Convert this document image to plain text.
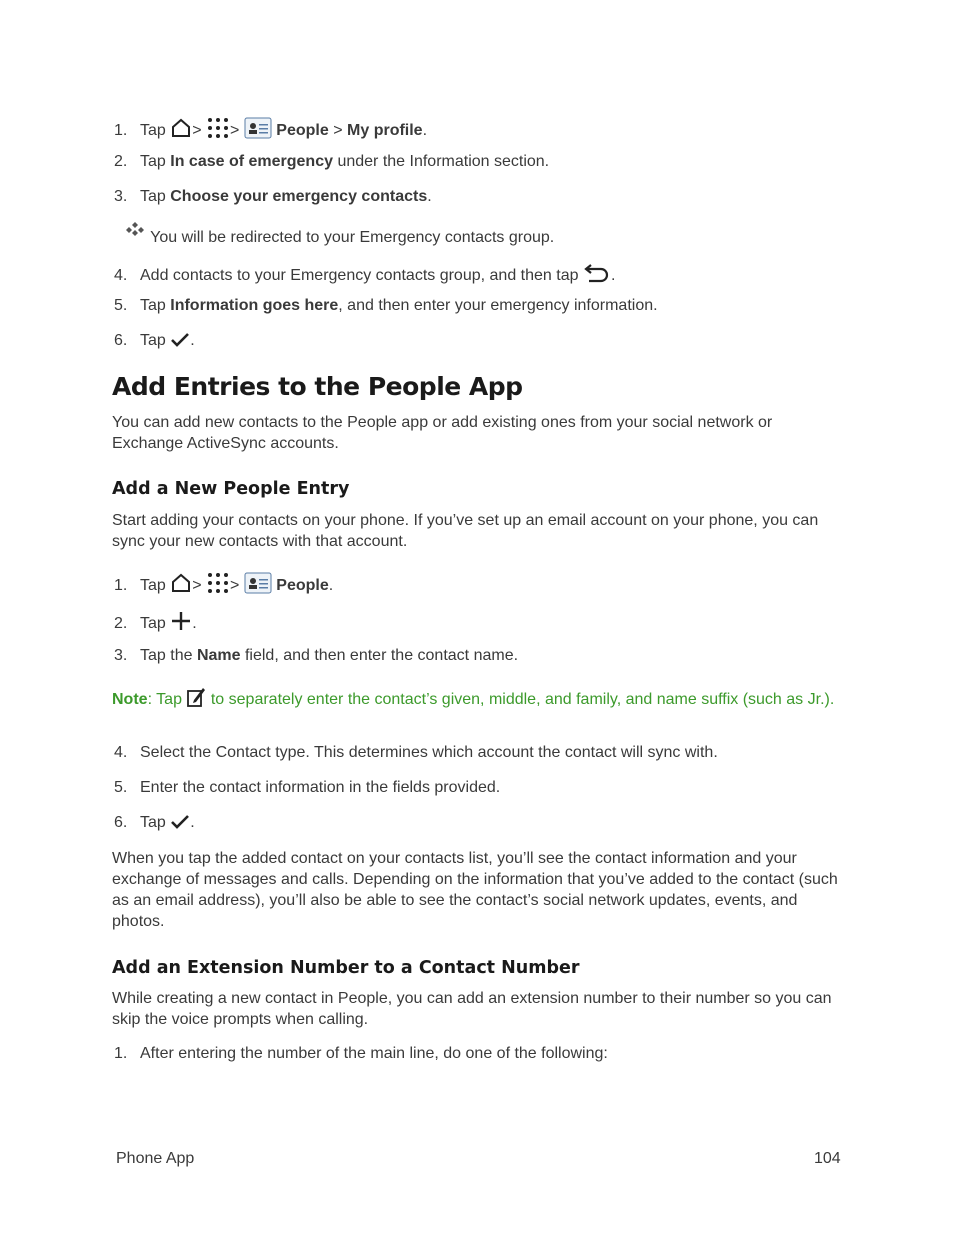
1. Tap > > People > My profile.
2. Tap In case of emergency under the Information section.
3. Tap Choose your emergency contacts.
You will be redirected to your Emergency contacts group.
4. Add contacts to your Emergency contacts group, and then tap .
5. Tap Information goes here, and then enter your emergency information.
6. Tap .
Add Entries to the People App
You can add new contacts to the People app or add existing ones from your social network or Exchange ActiveSync accounts.
Add a New People Entry
Start adding your contacts on your phone. If you’ve set up an email account on your phone, you can sync your new contacts with that account.
1. Tap > > People.
2. Tap .
3. Tap the Name field, and then enter the contact name.
Note: Tap  to separately enter the contact’s given, middle, and family, and name suffix (such as Jr.).
4. Select the Contact type. This determines which account the contact will sync with.
5. Enter the contact information in the fields provided.
6. Tap .
When you tap the added contact on your contacts list, you’ll see the contact information and your exchange of messages and calls. Depending on the information that you’ve added to the contact (such as an email address), you’ll also be able to see the contact’s social network updates, events, and photos.
Add an Extension Number to a Contact Number
While creating a new contact in People, you can add an extension number to their number so you can skip the voice prompts when calling.
1. After entering the number of the main line, do one of the following:
Phone App	104
